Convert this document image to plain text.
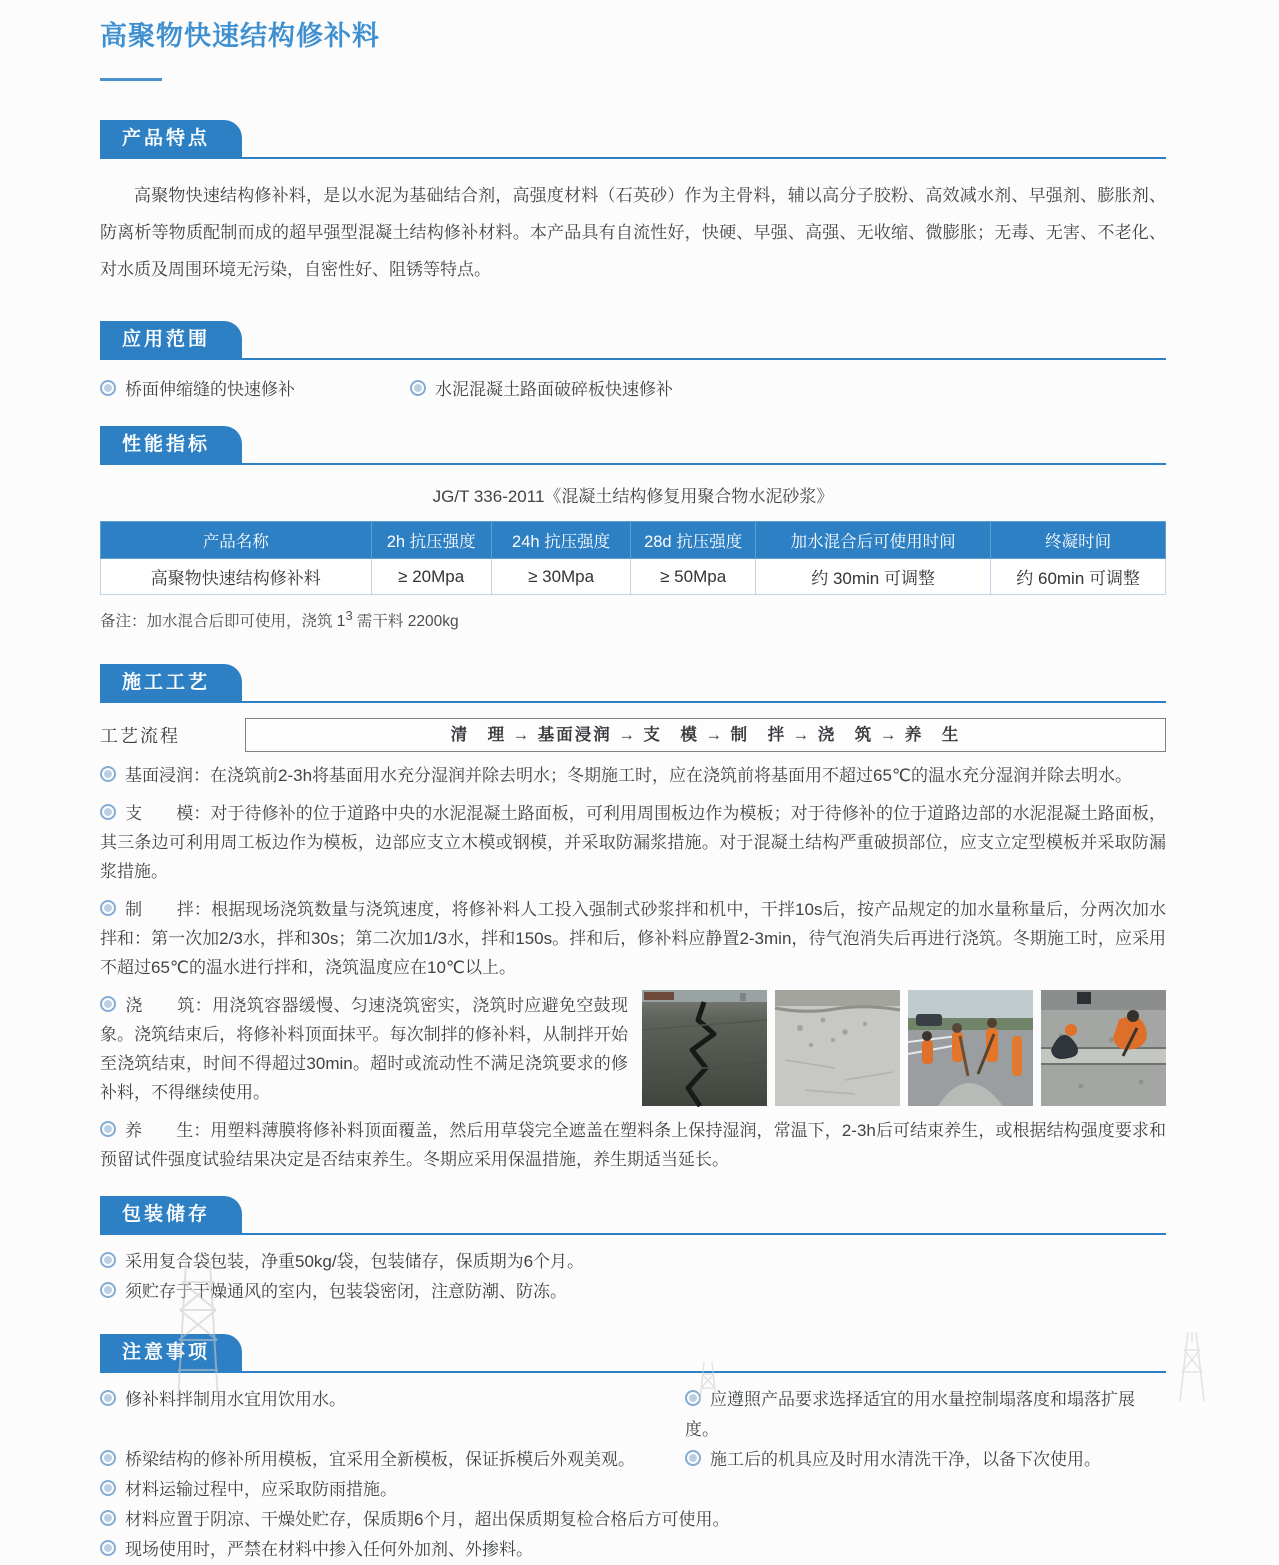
高聚物快速结构修补料
产品特点
高聚物快速结构修补料，是以水泥为基础结合剂，高强度材料（石英砂）作为主骨料，辅以高分子胶粉、高效减水剂、早强剂、膨胀剂、防离析等物质配制而成的超早强型混凝土结构修补材料。本产品具有自流性好，快硬、早强、高强、无收缩、微膨胀；无毒、无害、不老化、对水质及周围环境无污染，自密性好、阻锈等特点。
应用范围
桥面伸缩缝的快速修补	水泥混凝土路面破碎板快速修补
性能指标
JG/T 336-2011《混凝土结构修复用聚合物水泥砂浆》
产品名称	2h 抗压强度	24h 抗压强度	28d 抗压强度	加水混合后可使用时间	终凝时间
高聚物快速结构修补料	≥ 20Mpa	≥ 30Mpa	≥ 50Mpa	约 30min 可调整	约 60min 可调整
备注：加水混合后即可使用，浇筑 $1^3$ 需干料 2200kg
施工工艺
工艺流程	清　理 → 基面浸润 → 支　模 → 制　拌 → 浇　筑 → 养　生
基面浸润：在浇筑前2-3h将基面用水充分湿润并除去明水；冬期施工时，应在浇筑前将基面用不超过65℃的温水充分湿润并除去明水。
支　　模：对于待修补的位于道路中央的水泥混凝土路面板，可利用周围板边作为模板；对于待修补的位于道路边部的水泥混凝土路面板，其三条边可利用周工板边作为模板，边部应支立木模或钢模，并采取防漏浆措施。对于混凝土结构严重破损部位，应支立定型模板并采取防漏浆措施。
制　　拌：根据现场浇筑数量与浇筑速度，将修补料人工投入强制式砂浆拌和机中，干拌10s后，按产品规定的加水量称量后，分两次加水拌和：第一次加2/3水，拌和30s；第二次加1/3水，拌和150s。拌和后，修补料应静置2-3min，待气泡消失后再进行浇筑。冬期施工时，应采用不超过65℃的温水进行拌和，浇筑温度应在10℃以上。
浇　　筑：用浇筑容器缓慢、匀速浇筑密实，浇筑时应避免空鼓现象。浇筑结束后，将修补料顶面抹平。每次制拌的修补料，从制拌开始至浇筑结束，时间不得超过30min。超时或流动性不满足浇筑要求的修补料，不得继续使用。
养　　生：用塑料薄膜将修补料顶面覆盖，然后用草袋完全遮盖在塑料条上保持湿润，常温下，2-3h后可结束养生，或根据结构强度要求和预留试件强度试验结果决定是否结束养生。冬期应采用保温措施，养生期适当延长。
包装储存
采用复合袋包装，净重50kg/袋，包装储存，保质期为6个月。
须贮存于干燥通风的室内，包装袋密闭，注意防潮、防冻。
注意事项
修补料拌制用水宜用饮用水。	应遵照产品要求选择适宜的用水量控制塌落度和塌落扩展度。
桥梁结构的修补所用模板，宜采用全新模板，保证拆模后外观美观。	施工后的机具应及时用水清洗干净，以备下次使用。
材料运输过程中，应采取防雨措施。
材料应置于阴凉、干燥处贮存，保质期6个月，超出保质期复检合格后方可使用。
现场使用时，严禁在材料中掺入任何外加剂、外掺料。
